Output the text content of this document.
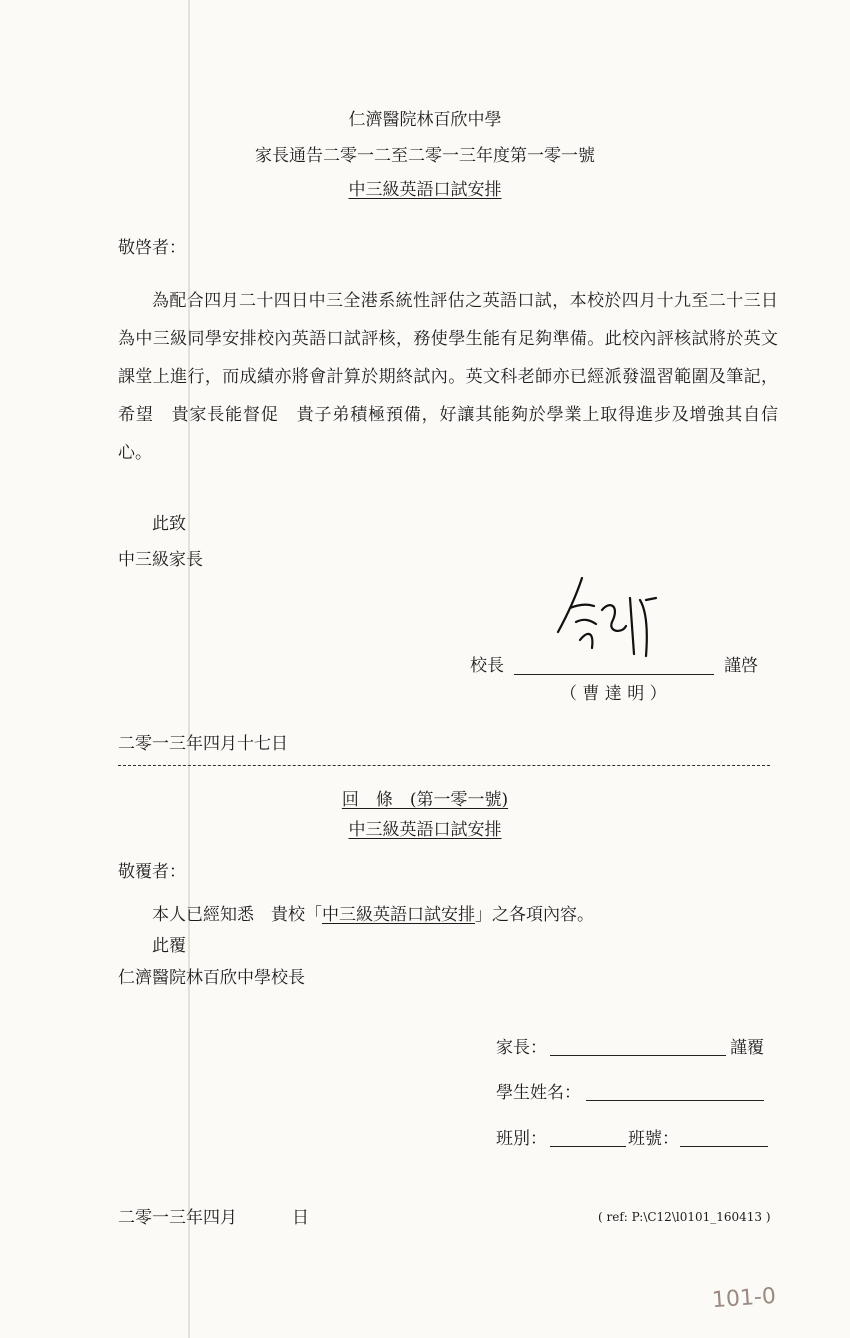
仁濟醫院林百欣中學
家長通告二零一二至二零一三年度第一零一號
中三級英語口試安排
敬啓者：
為配合四月二十四日中三全港系統性評估之英語口試，本校於四月十九至二十三日為中三級同學安排校內英語口試評核，務使學生能有足夠準備。此校內評核試將於英文課堂上進行，而成績亦將會計算於期終試內。英文科老師亦已經派發溫習範圍及筆記，希望　貴家長能督促　貴子弟積極預備，好讓其能夠於學業上取得進步及增強其自信心。
此致
中三級家長
校長	謹啓
（ 曹 達 明 ）
二零一三年四月十七日
回　條　(第一零一號)
中三級英語口試安排
敬覆者：
本人已經知悉　貴校「中三級英語口試安排」之各項內容。
此覆
仁濟醫院林百欣中學校長
家長：	謹覆
學生姓名：
班別：	班號：
二零一三年四月	日	( ref: P:\C12\l0101_160413 )
101-0
